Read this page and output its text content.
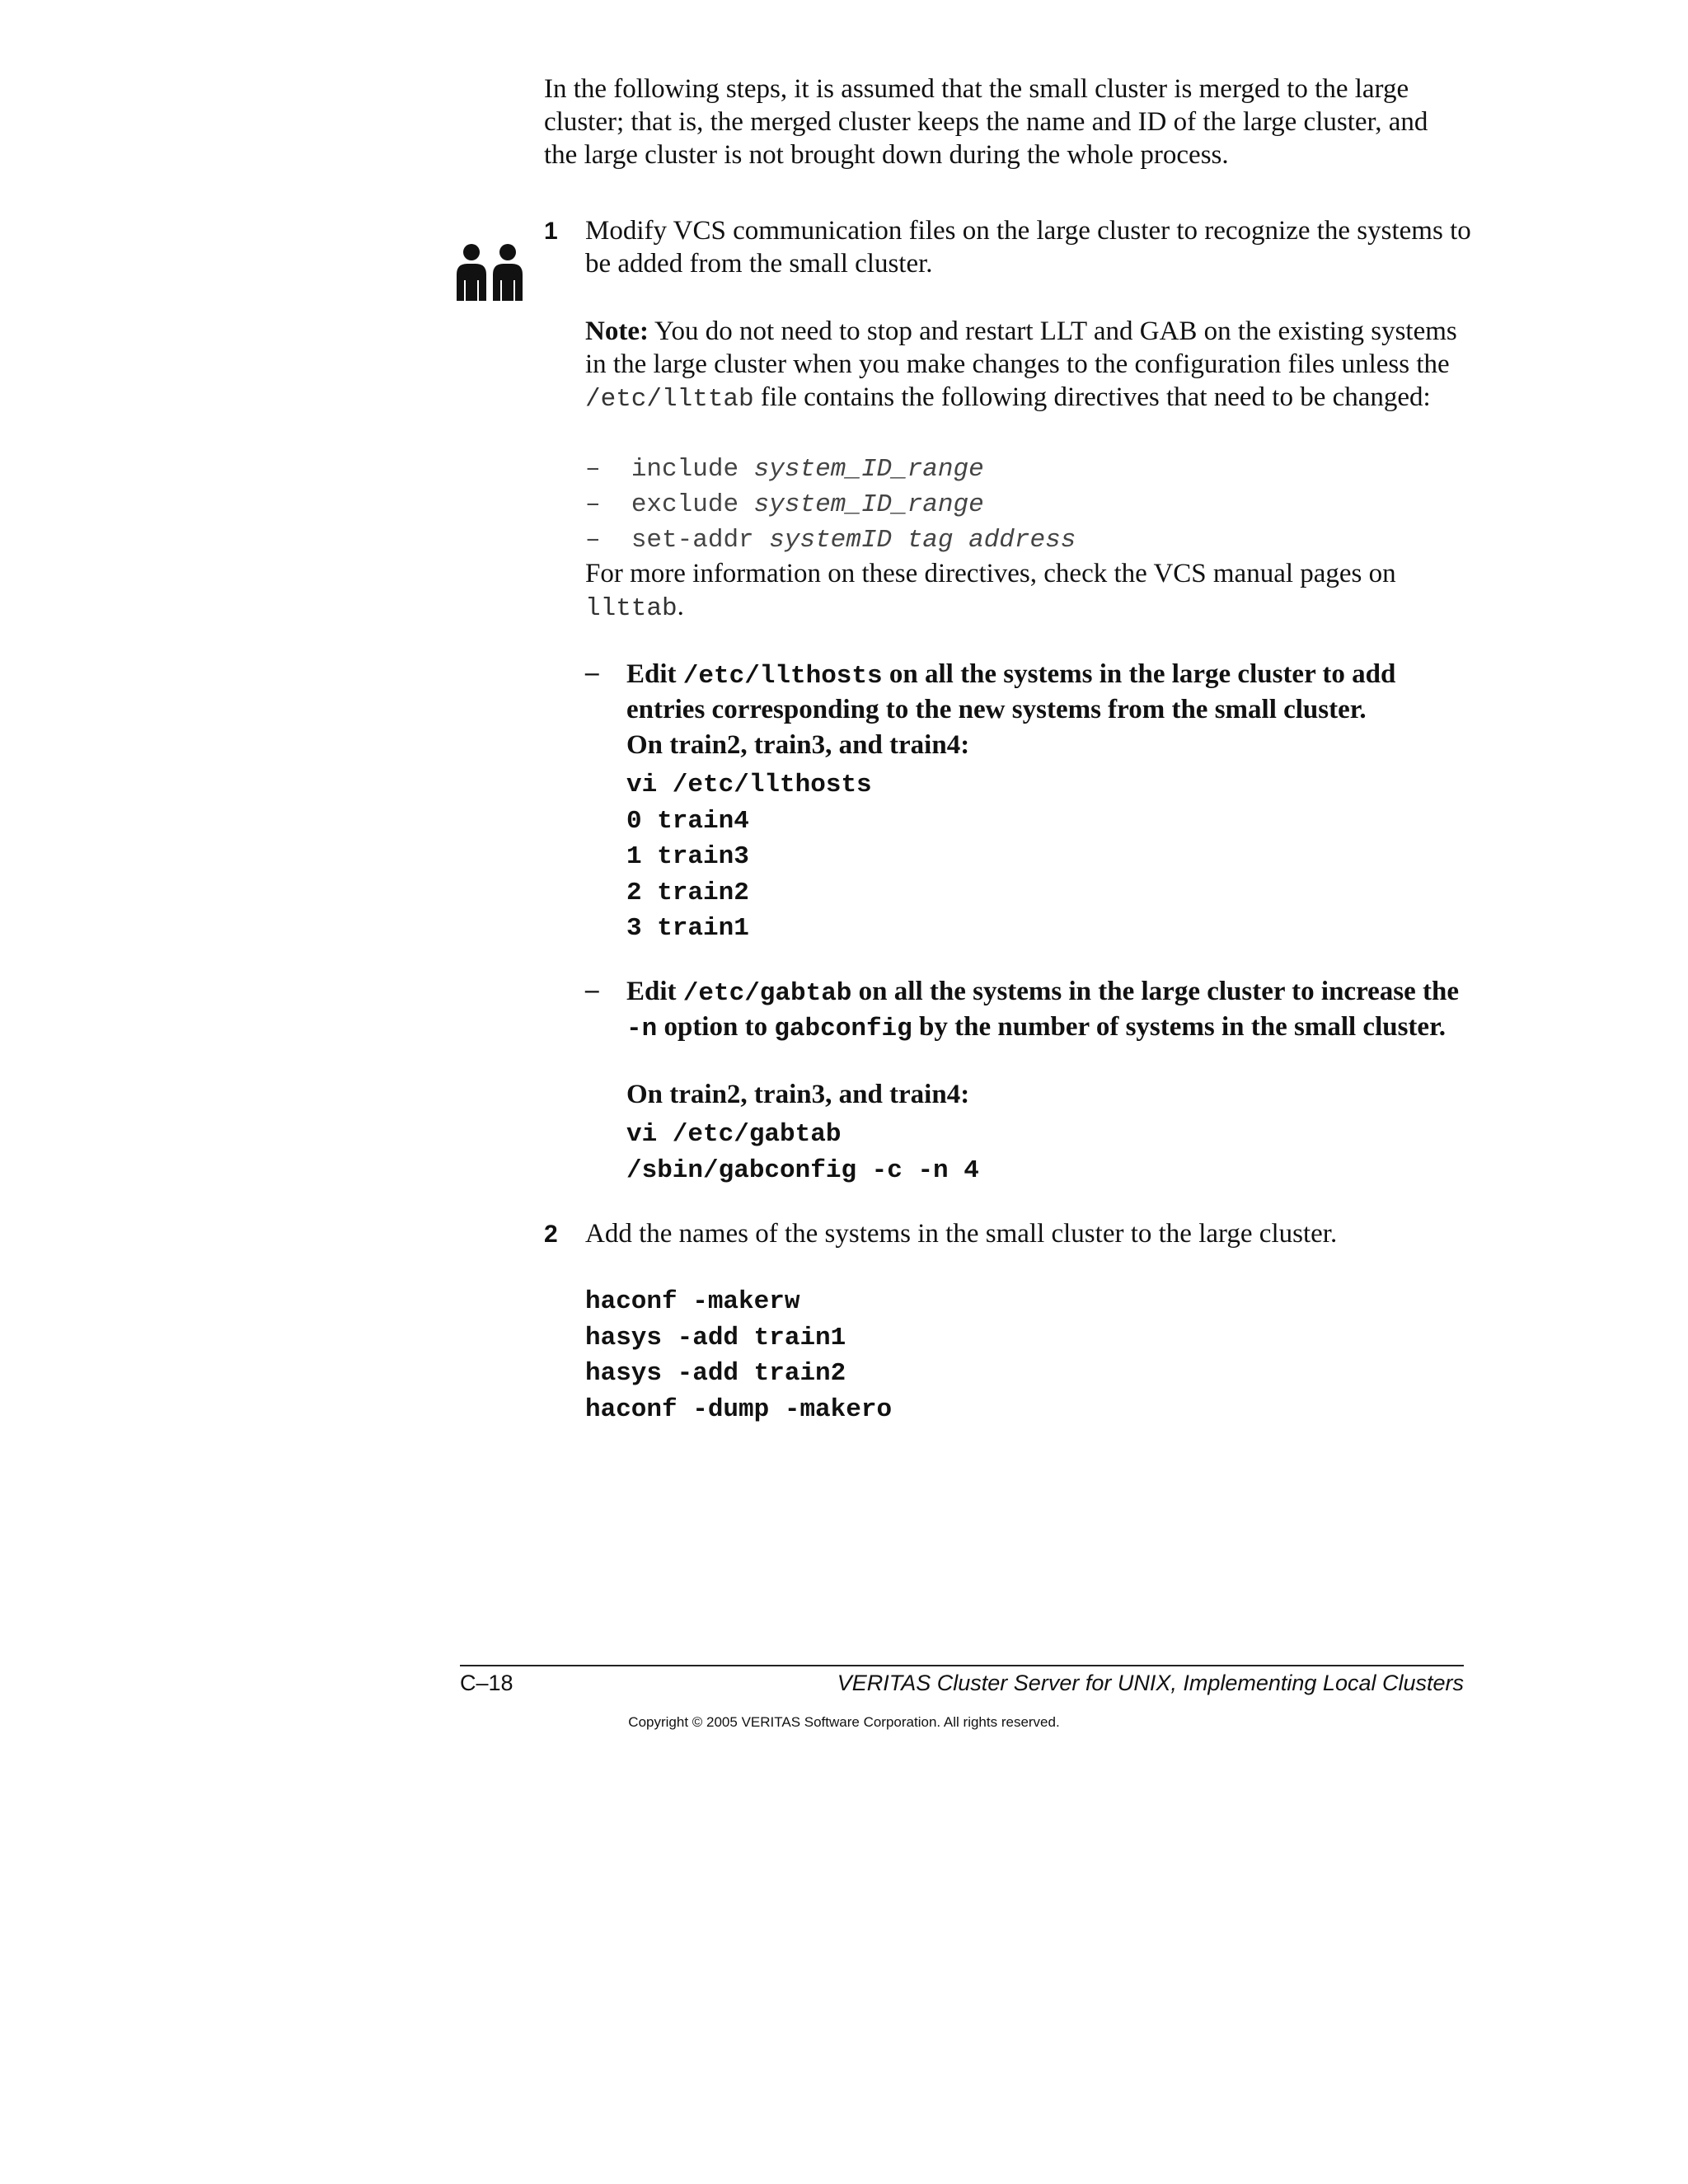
In the following steps, it is assumed that the small cluster is merged to the large cluster; that is, the merged cluster keeps the name and ID of the large cluster, and the large cluster is not brought down during the whole process.

1 Modify VCS communication files on the large cluster to recognize the systems to be added from the small cluster.
Note: You do not need to stop and restart LLT and GAB on the existing systems in the large cluster when you make changes to the configuration files unless the /etc/llttab file contains the following directives that need to be changed:
– include system_ID_range
– exclude system_ID_range
– set-addr systemID tag address
For more information on these directives, check the VCS manual pages on llttab.
– Edit /etc/llthosts on all the systems in the large cluster to add entries corresponding to the new systems from the small cluster.
On train2, train3, and train4:
vi /etc/llthosts
0 train4
1 train3
2 train2
3 train1
– Edit /etc/gabtab on all the systems in the large cluster to increase the -n option to gabconfig by the number of systems in the small cluster.
On train2, train3, and train4:
vi /etc/gabtab
/sbin/gabconfig -c -n 4
2 Add the names of the systems in the small cluster to the large cluster.
haconf -makerw
hasys -add train1
hasys -add train2
haconf -dump -makero
C–18	VERITAS Cluster Server for UNIX, Implementing Local Clusters
Copyright © 2005 VERITAS Software Corporation. All rights reserved.
